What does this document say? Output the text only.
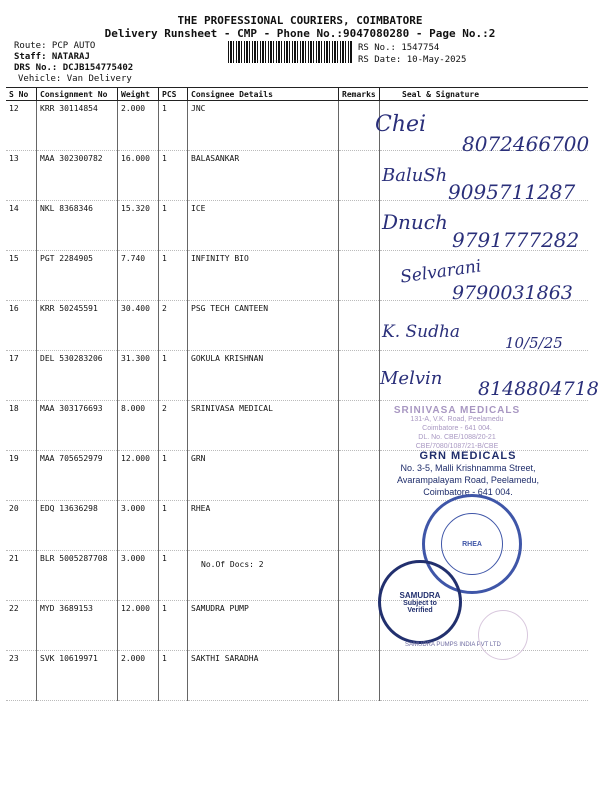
THE PROFESSIONAL COURIERS, COIMBATORE
Delivery Runsheet - CMP - Phone No.:9047080280 - Page No.:2
Route: PCP AUTO
Staff: NATARAJ
DRS No.: DCJB154775402
Vehicle: Van Delivery
RS No.: 1547754
RS Date: 10-May-2025
S No	Consignment No	Weight	PCS	Consignee Details	Remarks	Seal & Signature
12	KRR 30114854	2.000	1	JNC		
13	MAA 302300782	16.000	1	BALASANKAR		
14	NKL 8368346	15.320	1	ICE		
15	PGT 2284905	7.740	1	INFINITY BIO		
16	KRR 50245591	30.400	2	PSG TECH CANTEEN		
17	DEL 530283206	31.300	1	GOKULA KRISHNAN		
18	MAA 303176693	8.000	2	SRINIVASA MEDICAL		
19	MAA 705652979	12.000	1	GRN		
20	EDQ 13636298	3.000	1	RHEA		
21	BLR 5005287708	3.000	1	No.Of Docs: 2		

22	MYD 3689153	12.000	1	SAMUDRA PUMP		
23	SVK 10619971	2.000	1	SAKTHI SARADHA		
Chei
8072466700
BaluSh
9095711287
Dnuch
9791777282
Selvarani
9790031863
K. Sudha
10/5/25
Melvin 8148804718
SRINIVASA MEDICALS
131-A, V.K. Road, Peelamedu
Coimbatore - 641 004.
DL. No. CBE/1088/20-21
CBE/7080/1087/21-B/CBE
GRN MEDICALS
No. 3-5, Malli Krishnamma Street,
Avarampalayam Road, Peelamedu,
Coimbatore - 641 004.
RHEA
SAMUDRA
Subject to
Verified
SAMUDRA PUMPS INDIA PVT LTD
